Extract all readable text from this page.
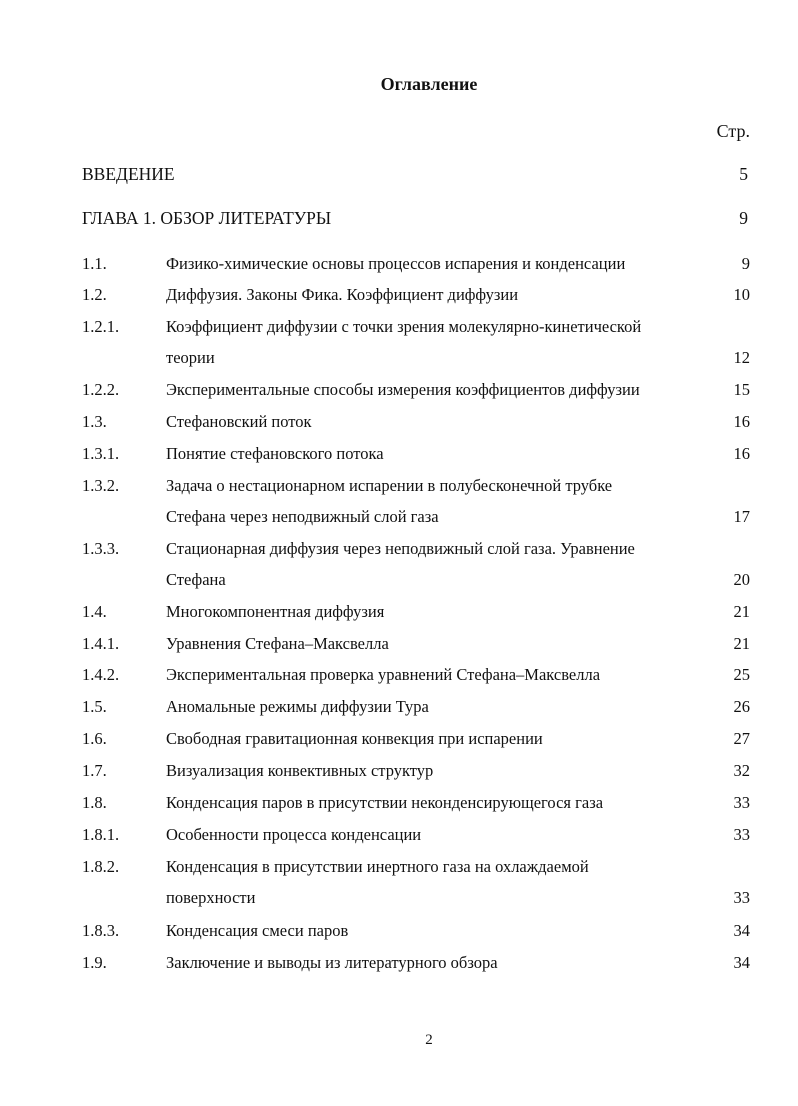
Оглавление
Стр.
ВВЕДЕНИЕ	5
ГЛАВА 1. ОБЗОР ЛИТЕРАТУРЫ	9
1.1.	Физико-химические основы процессов испарения и конденсации	9
1.2.	Диффузия. Законы Фика. Коэффициент диффузии	10
1.2.1.	Коэффициент диффузии с точки зрения молекулярно-кинетической
теории	12
1.2.2.	Экспериментальные способы измерения коэффициентов диффузии	15
1.3.	Стефановский поток	16
1.3.1.	Понятие стефановского потока	16
1.3.2.	Задача о нестационарном испарении в полубесконечной трубке
Стефана через неподвижный слой газа	17
1.3.3.	Стационарная диффузия через неподвижный слой газа. Уравнение
Стефана	20
1.4.	Многокомпонентная диффузия	21
1.4.1.	Уравнения Стефана–Максвелла	21
1.4.2.	Экспериментальная проверка уравнений Стефана–Максвелла	25
1.5.	Аномальные режимы диффузии Тура	26
1.6.	Свободная гравитационная конвекция при испарении	27
1.7.	Визуализация конвективных структур	32
1.8.	Конденсация паров в присутствии неконденсирующегося газа	33
1.8.1.	Особенности процесса конденсации	33
1.8.2.	Конденсация в присутствии инертного газа на охлаждаемой
поверхности	33
1.8.3.	Конденсация смеси паров	34
1.9.	Заключение и выводы из литературного обзора	34
2
